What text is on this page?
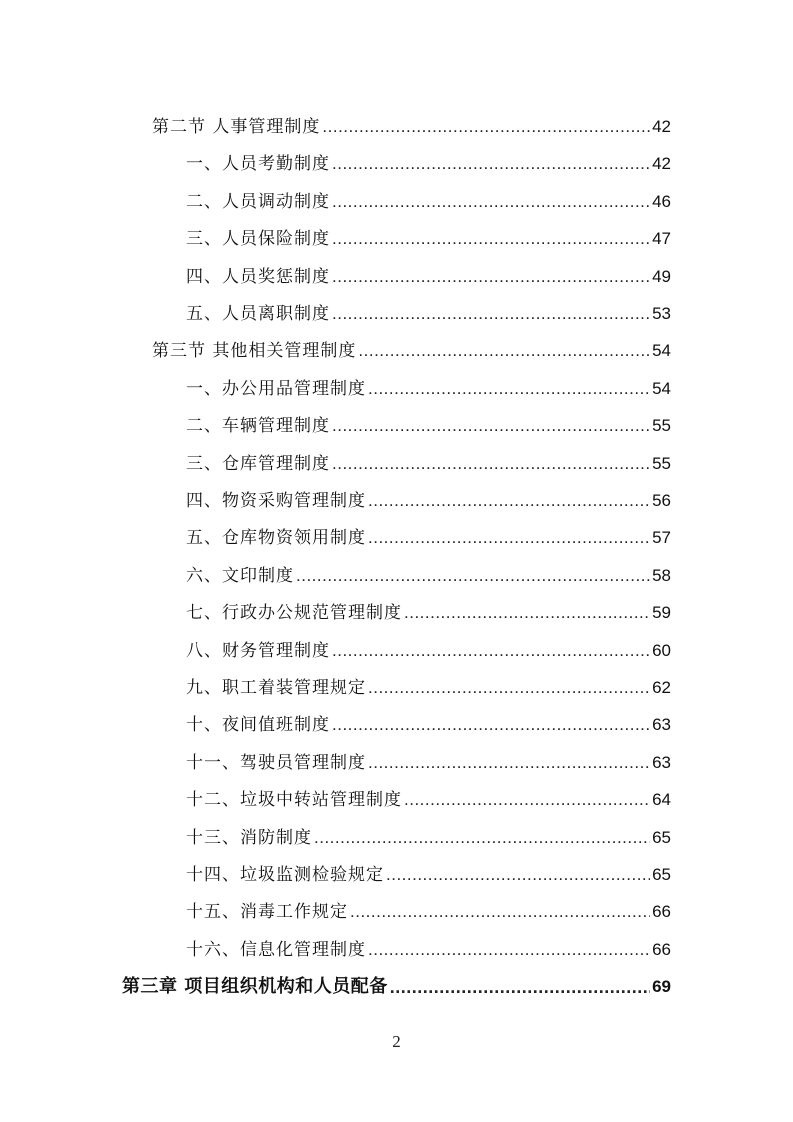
第二节 人事管理制度 .....	42
一、人员考勤制度 .....	42
二、人员调动制度 .....	46
三、人员保险制度 .....	47
四、人员奖惩制度 .....	49
五、人员离职制度 .....	53
第三节 其他相关管理制度 .....	54
一、办公用品管理制度 .....	54
二、车辆管理制度 .....	55
三、仓库管理制度 .....	55
四、物资采购管理制度 .....	56
五、仓库物资领用制度 .....	57
六、文印制度 .....	58
七、行政办公规范管理制度 .....	59
八、财务管理制度 .....	60
九、职工着装管理规定 .....	62
十、夜间值班制度 .....	63
十一、驾驶员管理制度 .....	63
十二、垃圾中转站管理制度 .....	64
十三、消防制度 .....	65
十四、垃圾监测检验规定 .....	65
十五、消毒工作规定 .....	66
十六、信息化管理制度 .....	66
第三章 项目组织机构和人员配备 .....	69
2
